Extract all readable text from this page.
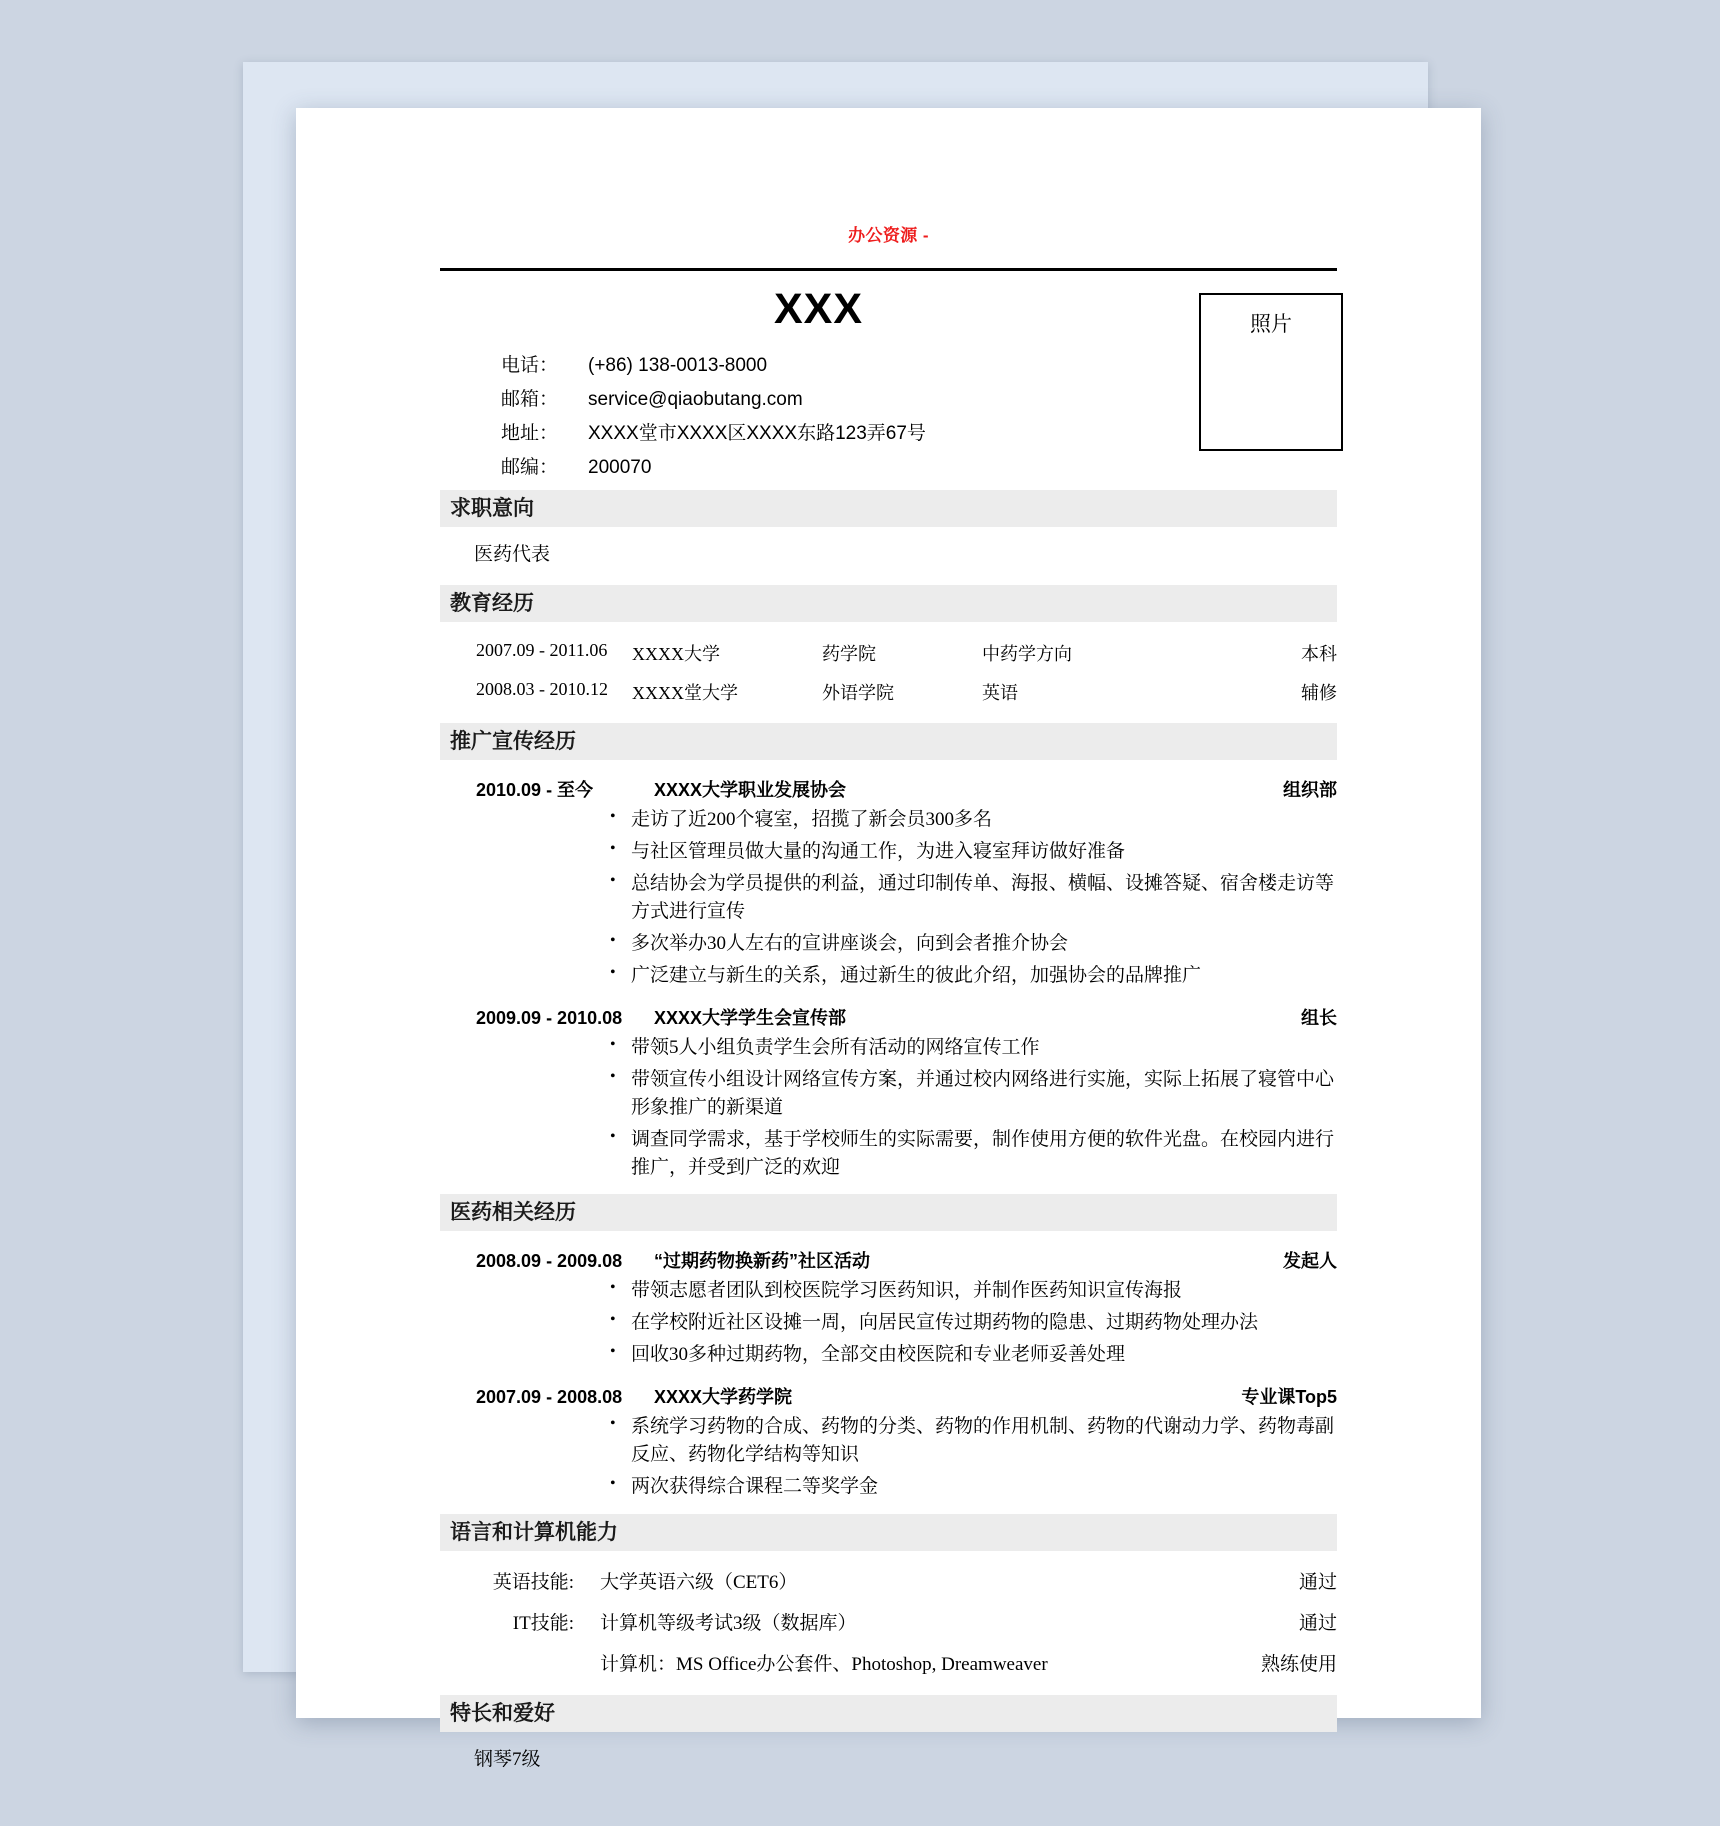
办公资源 -
XXX
电话：	(+86) 138-0013-8000
邮箱：	service@qiaobutang.com
地址：	XXXX堂市XXXX区XXXX东路123弄67号
邮编：	200070
照片
求职意向
医药代表
教育经历
2007.09 - 2011.06	XXXX大学	药学院	中药学方向	本科
2008.03 - 2010.12	XXXX堂大学	外语学院	英语	辅修
推广宣传经历
2010.09 - 至今	XXXX大学职业发展协会	组织部
• 走访了近200个寝室，招揽了新会员300多名
• 与社区管理员做大量的沟通工作，为进入寝室拜访做好准备
• 总结协会为学员提供的利益，通过印制传单、海报、横幅、设摊答疑、宿舍楼走访等方式进行宣传
• 多次举办30人左右的宣讲座谈会，向到会者推介协会
• 广泛建立与新生的关系，通过新生的彼此介绍，加强协会的品牌推广
2009.09 - 2010.08	XXXX大学学生会宣传部	组长
• 带领5人小组负责学生会所有活动的网络宣传工作
• 带领宣传小组设计网络宣传方案，并通过校内网络进行实施，实际上拓展了寝管中心形象推广的新渠道
• 调查同学需求，基于学校师生的实际需要，制作使用方便的软件光盘。在校园内进行推广，并受到广泛的欢迎
医药相关经历
2008.09 - 2009.08	“过期药物换新药”社区活动	发起人
• 带领志愿者团队到校医院学习医药知识，并制作医药知识宣传海报
• 在学校附近社区设摊一周，向居民宣传过期药物的隐患、过期药物处理办法
• 回收30多种过期药物，全部交由校医院和专业老师妥善处理
2007.09 - 2008.08	XXXX大学药学院	专业课Top5
• 系统学习药物的合成、药物的分类、药物的作用机制、药物的代谢动力学、药物毒副反应、药物化学结构等知识
• 两次获得综合课程二等奖学金
语言和计算机能力
英语技能:	大学英语六级（CET6）	通过
IT技能:	计算机等级考试3级（数据库）	通过
	计算机：MS Office办公套件、Photoshop, Dreamweaver	熟练使用
特长和爱好
钢琴7级
